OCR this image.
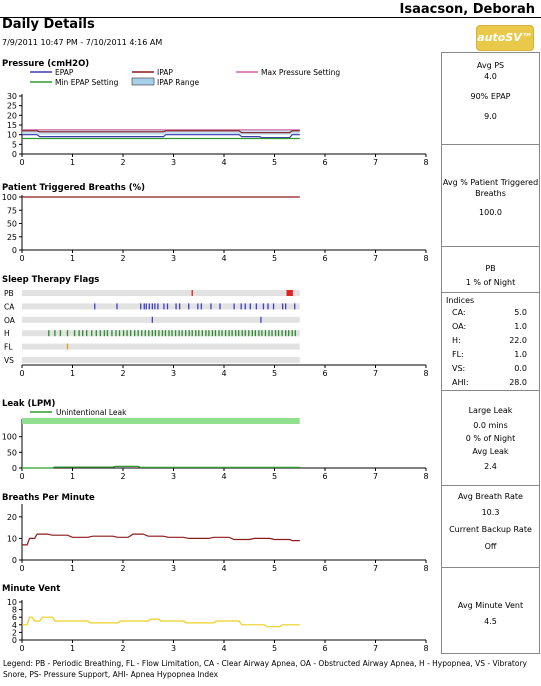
Isaacson, Deborah
Daily Details
7/9/2011 10:47 PM - 7/10/2011 4:16 AM	autoSV™
Pressure (cmH2O)
0	1	2	3	4	5	6	7	8
0
5
10
15
20
25
30
EPAP	IPAP	Max Pressure Setting
Min EPAP Setting	IPAP Range
Patient Triggered Breaths (%)
0	1	2	3	4	5	6	7	8
0
25
50
75
100
Sleep Therapy Flags
0	1	2	3	4	5	6	7	8
PB
CA
OA
H
FL
VS
Leak (LPM)
0	1	2	3	4	5	6	7	8
0
50
100
Unintentional Leak
Breaths Per Minute
0	1	2	3	4	5	6	7	8
0
10
20
Minute Vent
0	1	2	3	4	5	6	7	8
0
2
4
6
8
10
Avg PS
4.0
90% EPAP
9.0
Avg % Patient Triggered Breaths
100.0
PB
1 % of Night
Indices
CA:	5.0
OA:	1.0
H:	22.0
FL:	1.0
VS:	0.0
AHI:	28.0
Large Leak
0.0 mins
0 % of Night
Avg Leak
2.4
Avg Breath Rate
10.3
Current Backup Rate
Off
Avg Minute Vent
4.5
Legend: PB - Periodic Breathing, FL - Flow Limitation, CA - Clear Airway Apnea, OA - Obstructed Airway Apnea, H - Hypopnea, VS - Vibratory Snore, PS- Pressure Support, AHI- Apnea Hypopnea Index
